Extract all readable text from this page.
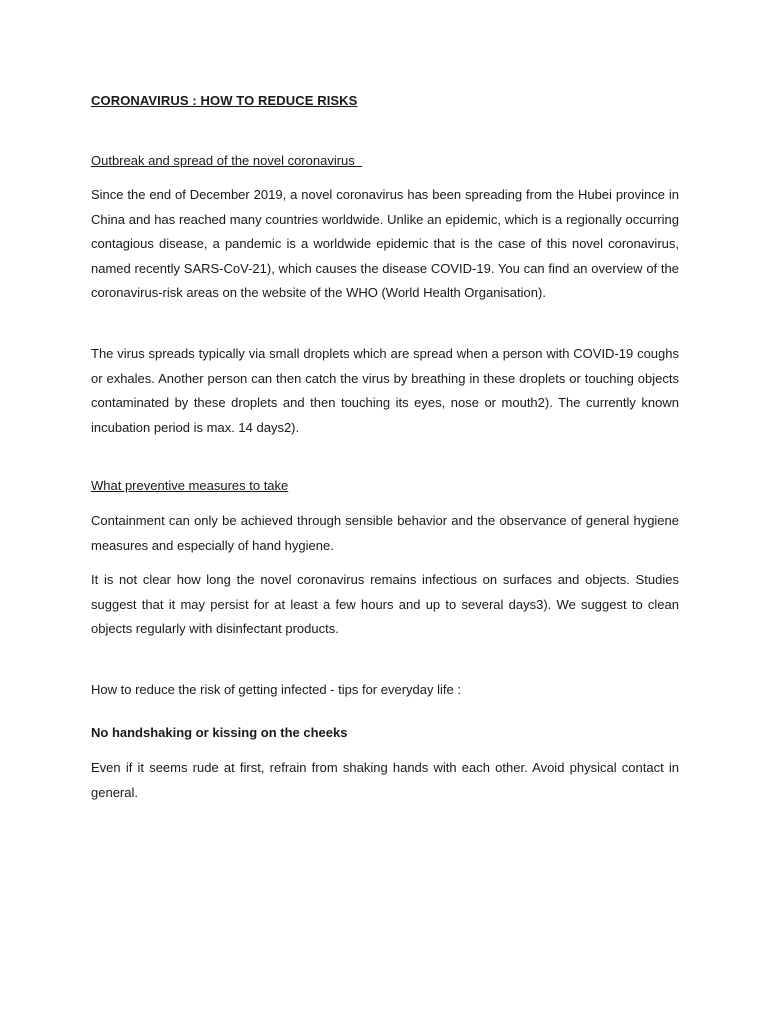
CORONAVIRUS : HOW TO REDUCE RISKS
Outbreak and spread of the novel coronavirus

Since the end of December 2019, a novel coronavirus has been spreading from the Hubei province in China and has reached many countries worldwide. Unlike an epidemic, which is a regionally occurring contagious disease, a pandemic is a worldwide epidemic that is the case of this novel coronavirus, named recently SARS-CoV-21), which causes the disease COVID-19. You can find an overview of the coronavirus-risk areas on the website of the WHO (World Health Organisation).

The virus spreads typically via small droplets which are spread when a person with COVID-19 coughs or exhales. Another person can then catch the virus by breathing in these droplets or touching objects contaminated by these droplets and then touching its eyes, nose or mouth2). The currently known incubation period is max. 14 days2).

What preventive measures to take

Containment can only be achieved through sensible behavior and the observance of general hygiene measures and especially of hand hygiene.

It is not clear how long the novel coronavirus remains infectious on surfaces and objects. Studies suggest that it may persist for at least a few hours and up to several days3). We suggest to clean objects regularly with disinfectant products.

How to reduce the risk of getting infected - tips for everyday life :
No handshaking or kissing on the cheeks

Even if it seems rude at first, refrain from shaking hands with each other. Avoid physical contact in general.
